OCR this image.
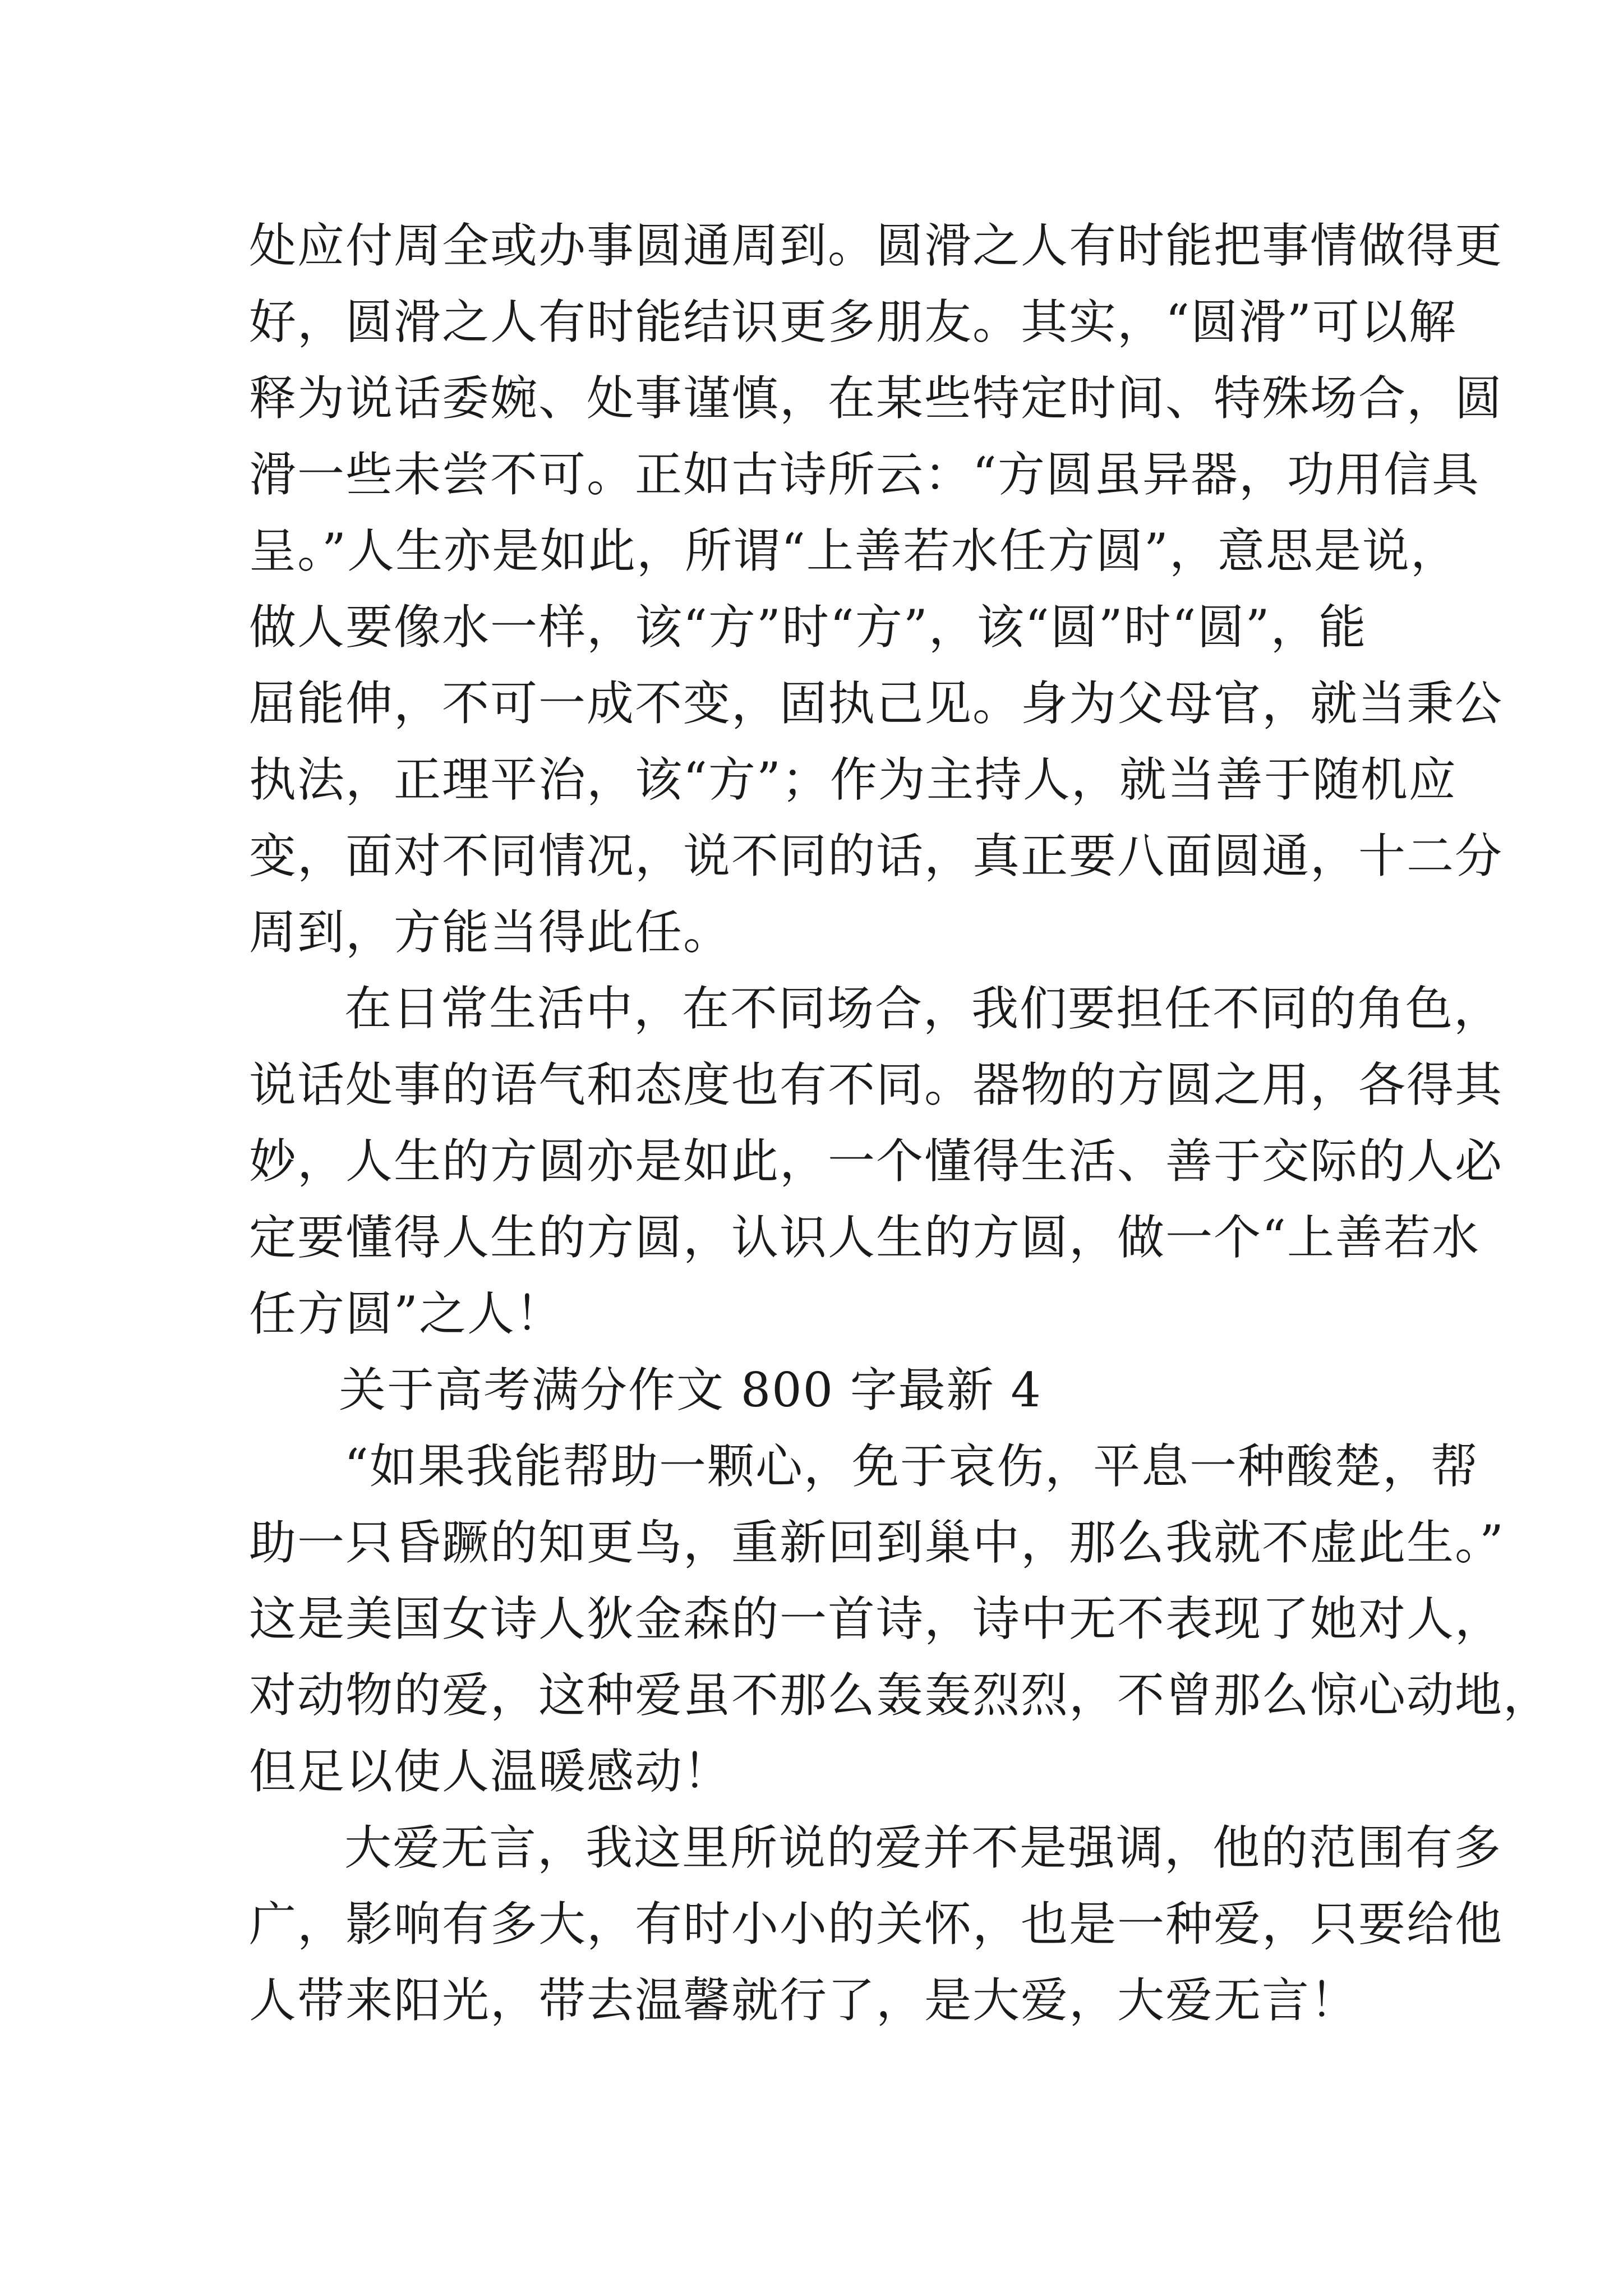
处应付周全或办事圆通周到。圆滑之人有时能把事情做得更
好，圆滑之人有时能结识更多朋友。其实，“圆滑”可以解
释为说话委婉、处事谨慎，在某些特定时间、特殊场合，圆
滑一些未尝不可。正如古诗所云：“方圆虽异器，功用信具
呈。”人生亦是如此，所谓“上善若水任方圆”，意思是说，
做人要像水一样，该“方”时“方”，该“圆”时“圆”，能
屈能伸，不可一成不变，固执己见。身为父母官，就当秉公
执法，正理平治，该“方”；作为主持人，就当善于随机应
变，面对不同情况，说不同的话，真正要八面圆通，十二分
周到，方能当得此任。
在日常生活中，在不同场合，我们要担任不同的角色，
说话处事的语气和态度也有不同。器物的方圆之用，各得其
妙，人生的方圆亦是如此，一个懂得生活、善于交际的人必
定要懂得人生的方圆，认识人生的方圆，做一个“上善若水
任方圆”之人！
关于高考满分作文 800 字最新 4
“如果我能帮助一颗心，免于哀伤，平息一种酸楚，帮
助一只昏蹶的知更鸟，重新回到巢中，那么我就不虚此生。”
这是美国女诗人狄金森的一首诗，诗中无不表现了她对人，
对动物的爱，这种爱虽不那么轰轰烈烈，不曾那么惊心动地，
但足以使人温暖感动！
大爱无言，我这里所说的爱并不是强调，他的范围有多
广，影响有多大，有时小小的关怀，也是一种爱，只要给他
人带来阳光，带去温馨就行了，是大爱，大爱无言！
